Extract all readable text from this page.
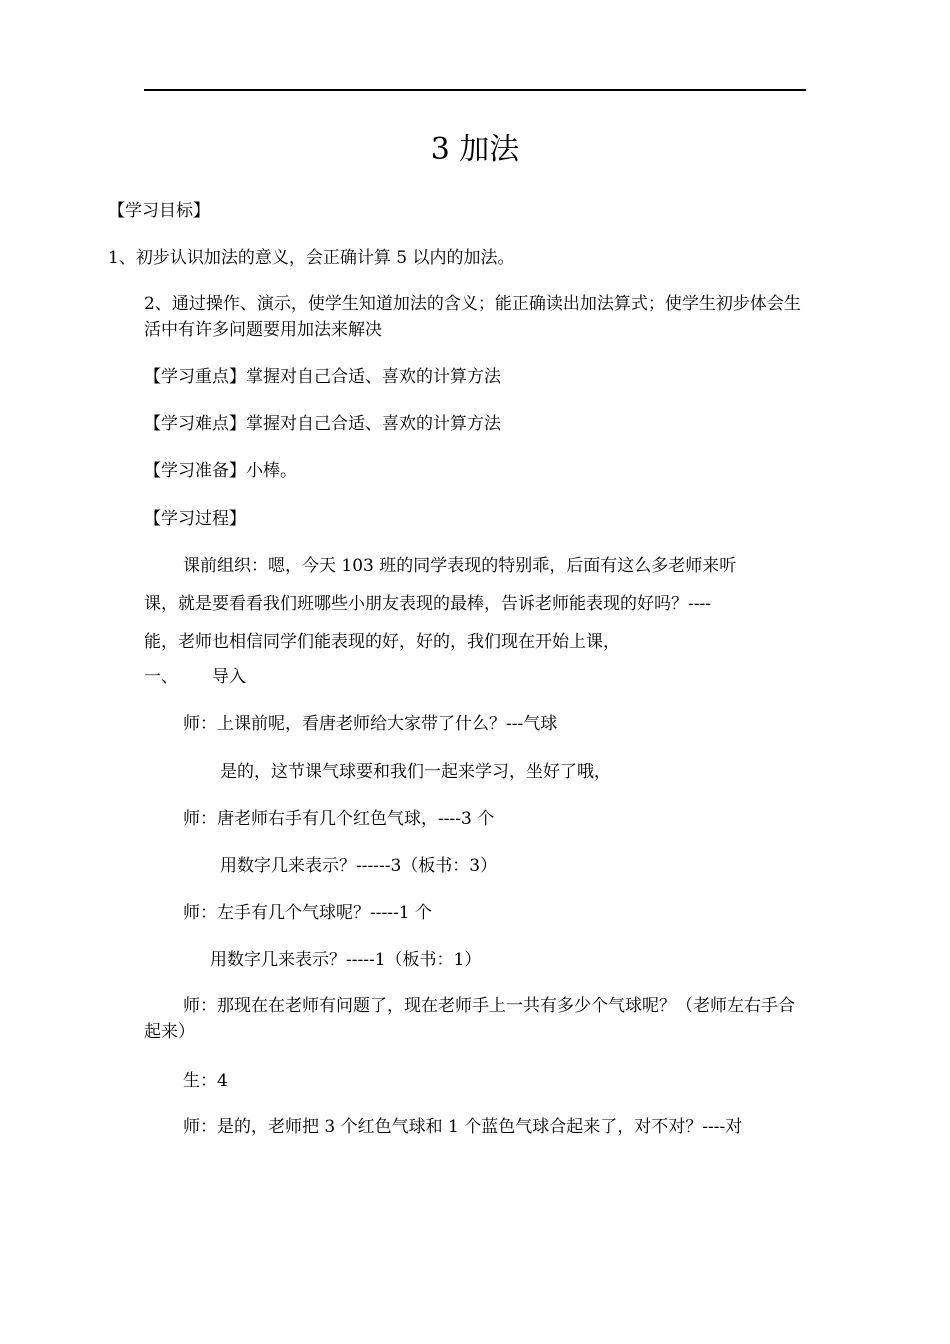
3 加法
【学习目标】
1、初步认识加法的意义，会正确计算 5 以内的加法。
2、通过操作、演示，使学生知道加法的含义；能正确读出加法算式；使学生初步体会生活中有许多问题要用加法来解决
【学习重点】掌握对自己合适、喜欢的计算方法
【学习难点】掌握对自己合适、喜欢的计算方法
【学习准备】小棒。
【学习过程】
课前组织：嗯，今天 103 班的同学表现的特别乖，后面有这么多老师来听
课，就是要看看我们班哪些小朋友表现的最棒，告诉老师能表现的好吗？----
能，老师也相信同学们能表现的好，好的，我们现在开始上课，
一、 导入
师：上课前呢，看唐老师给大家带了什么？---气球
是的，这节课气球要和我们一起来学习，坐好了哦，
师：唐老师右手有几个红色气球，----3 个
用数字几来表示？------3（板书：3）
师：左手有几个气球呢？-----1 个
用数字几来表示？-----1（板书：1）
师：那现在在老师有问题了，现在老师手上一共有多少个气球呢？（老师左右手合起来）
生：4
师：是的，老师把 3 个红色气球和 1 个蓝色气球合起来了，对不对？----对
